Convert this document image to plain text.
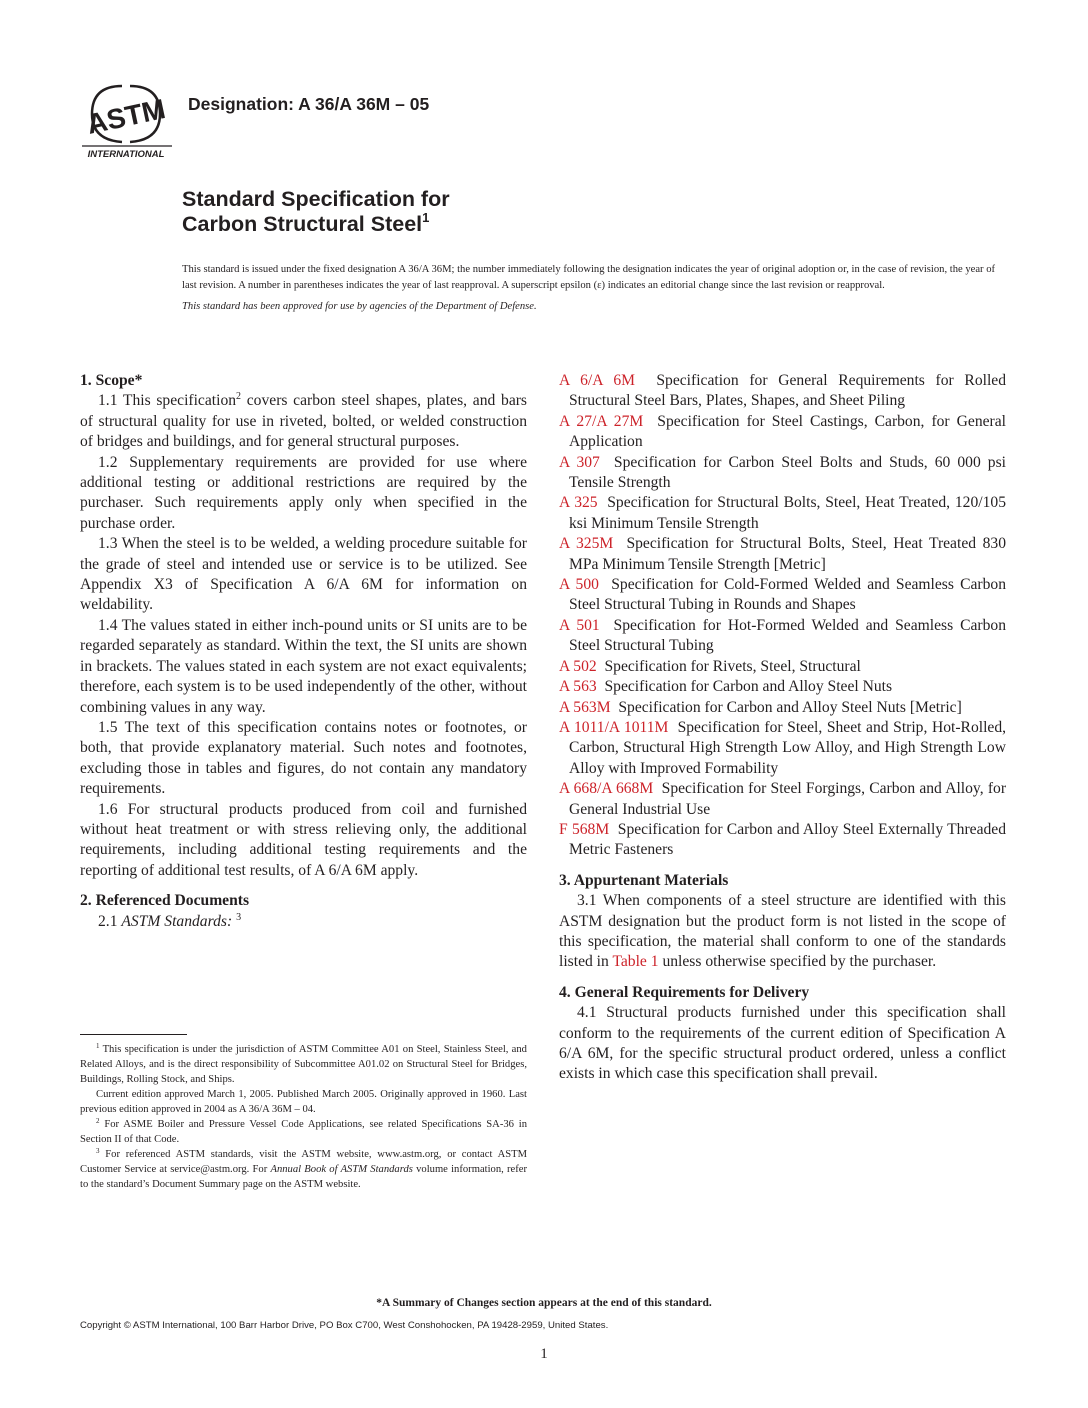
ASTM
INTERNATIONAL
Designation: A 36/A 36M – 05
Standard Specification for
Carbon Structural Steel$^1$

This standard is issued under the fixed designation A 36/A 36M; the number immediately following the designation indicates the year of original adoption or, in the case of revision, the year of last revision. A number in parentheses indicates the year of last reapproval. A superscript epsilon (ε) indicates an editorial change since the last revision or reapproval.

This standard has been approved for use by agencies of the Department of Defense.

1. Scope*

1.1 This specification$^2$ covers carbon steel shapes, plates, and bars of structural quality for use in riveted, bolted, or welded construction of bridges and buildings, and for general structural purposes.

1.2 Supplementary requirements are provided for use where additional testing or additional restrictions are required by the purchaser. Such requirements apply only when specified in the purchase order.

1.3 When the steel is to be welded, a welding procedure suitable for the grade of steel and intended use or service is to be utilized. See Appendix X3 of Specification A 6/A 6M for information on weldability.

1.4 The values stated in either inch-pound units or SI units are to be regarded separately as standard. Within the text, the SI units are shown in brackets. The values stated in each system are not exact equivalents; therefore, each system is to be used independently of the other, without combining values in any way.

1.5 The text of this specification contains notes or footnotes, or both, that provide explanatory material. Such notes and footnotes, excluding those in tables and figures, do not contain any mandatory requirements.

1.6 For structural products produced from coil and furnished without heat treatment or with stress relieving only, the additional requirements, including additional testing requirements and the reporting of additional test results, of A 6/A 6M apply.

2. Referenced Documents

2.1 ASTM Standards: $^3$

$^1$ This specification is under the jurisdiction of ASTM Committee A01 on Steel, Stainless Steel, and Related Alloys, and is the direct responsibility of Subcommittee A01.02 on Structural Steel for Bridges, Buildings, Rolling Stock, and Ships.

Current edition approved March 1, 2005. Published March 2005. Originally approved in 1960. Last previous edition approved in 2004 as A 36/A 36M – 04.

$^2$ For ASME Boiler and Pressure Vessel Code Applications, see related Specifications SA-36 in Section II of that Code.

$^3$ For referenced ASTM standards, visit the ASTM website, www.astm.org, or contact ASTM Customer Service at service@astm.org. For Annual Book of ASTM Standards volume information, refer to the standard’s Document Summary page on the ASTM website.

A 6/A 6M Specification for General Requirements for Rolled Structural Steel Bars, Plates, Shapes, and Sheet Piling
A 27/A 27M Specification for Steel Castings, Carbon, for General Application
A 307 Specification for Carbon Steel Bolts and Studs, 60 000 psi Tensile Strength
A 325 Specification for Structural Bolts, Steel, Heat Treated, 120/105 ksi Minimum Tensile Strength
A 325M Specification for Structural Bolts, Steel, Heat Treated 830 MPa Minimum Tensile Strength [Metric]
A 500 Specification for Cold-Formed Welded and Seamless Carbon Steel Structural Tubing in Rounds and Shapes
A 501 Specification for Hot-Formed Welded and Seamless Carbon Steel Structural Tubing
A 502 Specification for Rivets, Steel, Structural
A 563 Specification for Carbon and Alloy Steel Nuts
A 563M Specification for Carbon and Alloy Steel Nuts [Metric]
A 1011/A 1011M Specification for Steel, Sheet and Strip, Hot-Rolled, Carbon, Structural High Strength Low Alloy, and High Strength Low Alloy with Improved Formability
A 668/A 668M Specification for Steel Forgings, Carbon and Alloy, for General Industrial Use
F 568M Specification for Carbon and Alloy Steel Externally Threaded Metric Fasteners
3. Appurtenant Materials

3.1 When components of a steel structure are identified with this ASTM designation but the product form is not listed in the scope of this specification, the material shall conform to one of the standards listed in Table 1 unless otherwise specified by the purchaser.

4. General Requirements for Delivery

4.1 Structural products furnished under this specification shall conform to the requirements of the current edition of Specification A 6/A 6M, for the specific structural product ordered, unless a conflict exists in which case this specification shall prevail.

*A Summary of Changes section appears at the end of this standard.
Copyright © ASTM International, 100 Barr Harbor Drive, PO Box C700, West Conshohocken, PA 19428-2959, United States.
1
